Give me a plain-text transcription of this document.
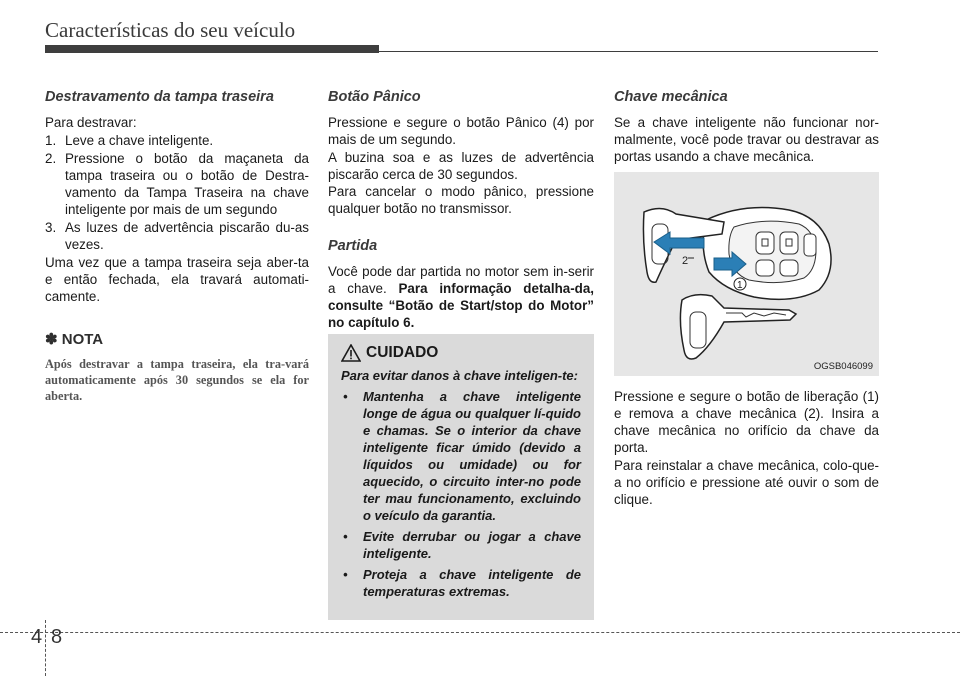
Características do seu veículo
Destravamento da tampa traseira

Para destravar:

1. Leve a chave inteligente.
2. Pressione o botão da maçaneta da tampa traseira ou o botão de Destra-vamento da Tampa Traseira na chave inteligente por mais de um segundo
3. As luzes de advertência piscarão du-as vezes.

Uma vez que a tampa traseira seja aber-ta e então fechada, ela travará automati-camente.

✽ NOTA
Após destravar a tampa traseira, ela tra-vará automaticamente após 30 segundos se ela for aberta.
Botão Pânico

Pressione e segure o botão Pânico (4) por mais de um segundo.

A buzina soa e as luzes de advertência piscarão cerca de 30 segundos.

Para cancelar o modo pânico, pressione qualquer botão no transmissor.

Partida

Você pode dar partida no motor sem in-serir a chave. Para informação detalha-da, consulte “Botão de Start/stop do Motor” no capítulo 6.

CUIDADO

Para evitar danos à chave inteligen-te:

• Mantenha a chave inteligente longe de água ou qualquer lí-quido e chamas. Se o interior da chave inteligente ficar úmido (devido a líquidos ou umidade) ou for aquecido, o circuito inter-no pode ter mau funcionamento, excluindo o veículo da garantia.
• Evite derrubar ou jogar a chave inteligente.
• Proteja a chave inteligente de temperaturas extremas.
Chave mecânica

Se a chave inteligente não funcionar nor-malmente, você pode travar ou destravar as portas usando a chave mecânica.

2
1
OGSB046099

Pressione e segure o botão de liberação (1) e remova a chave mecânica (2). Insira a chave mecânica no orifício da chave da porta.

Para reinstalar a chave mecânica, colo-que-a no orifício e pressione até ouvir o som de clique.

4 8
